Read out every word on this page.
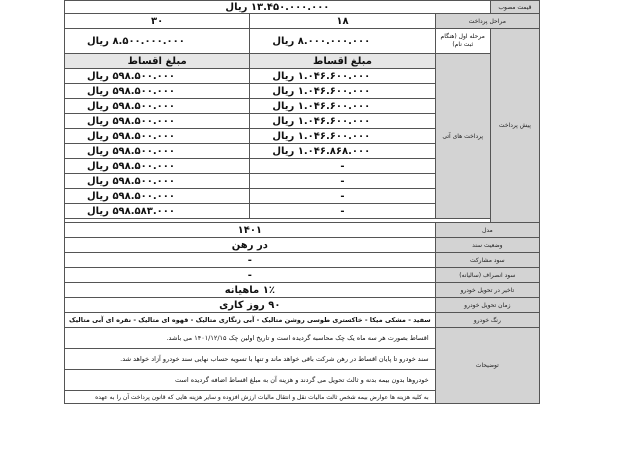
قیمت مصوب	۱۳.۴۵۰.۰۰۰.۰۰۰ ریال		
مراحل پرداخت		۱۸	۳۰
پیش پرداخت	مرحله اول (هنگام ثبت نام)	۸.۰۰۰.۰۰۰.۰۰۰ ریال	۸.۵۰۰.۰۰۰.۰۰۰ ریال
	پرداخت های آتی	مبلغ اقساط	مبلغ اقساط
		۱.۰۴۶.۶۰۰.۰۰۰ ریال	۵۹۸.۵۰۰.۰۰۰ ریال
		۱.۰۴۶.۶۰۰.۰۰۰ ریال	۵۹۸.۵۰۰.۰۰۰ ریال
		۱.۰۴۶.۶۰۰.۰۰۰ ریال	۵۹۸.۵۰۰.۰۰۰ ریال
		۱.۰۴۶.۶۰۰.۰۰۰ ریال	۵۹۸.۵۰۰.۰۰۰ ریال
		۱.۰۴۶.۶۰۰.۰۰۰ ریال	۵۹۸.۵۰۰.۰۰۰ ریال
		۱.۰۴۶.۸۶۸.۰۰۰ ریال	۵۹۸.۵۰۰.۰۰۰ ریال
		-	۵۹۸.۵۰۰.۰۰۰ ریال
		-	۵۹۸.۵۰۰.۰۰۰ ریال
		-	۵۹۸.۵۰۰.۰۰۰ ریال
		-	۵۹۸.۵۸۳.۰۰۰ ریال

مدل		۱۴۰۱	
وضعیت سند		در رهن	
سود مشارکت		-	
سود انصراف (سالیانه)		-	
تاخیر در تحویل خودرو		۱٪ ماهیانه	
زمان تحویل خودرو		۹۰ روز کاری	
رنگ خودرو		سفید - مشکی میکا - خاکستری طوسی روشن متالیک - آبی زنگاری متالیک - قهوه ای متالیک - نقره ای آبی متالیک	
توضیحات		اقساط بصورت هر سه ماه یک چک محاسبه گردیده است و تاریخ اولین چک ۱۴۰۱/۱۲/۱۵ می باشد.	
		سند خودرو تا پایان اقساط در رهن شرکت باقی خواهد ماند و تنها با تسویه حساب نهایی سند خودرو آزاد خواهد شد.	
		خودروها بدون بیمه بدنه و ثالث تحویل می گردند و هزینه آن به مبلغ اقساط اضافه گردیده است	
		به کلیه هزینه ها عوارض بیمه شخص ثالث مالیات نقل و انتقال مالیات ارزش افزوده و سایر هزینه هایی که قانون پرداخت آن را به عهده	
